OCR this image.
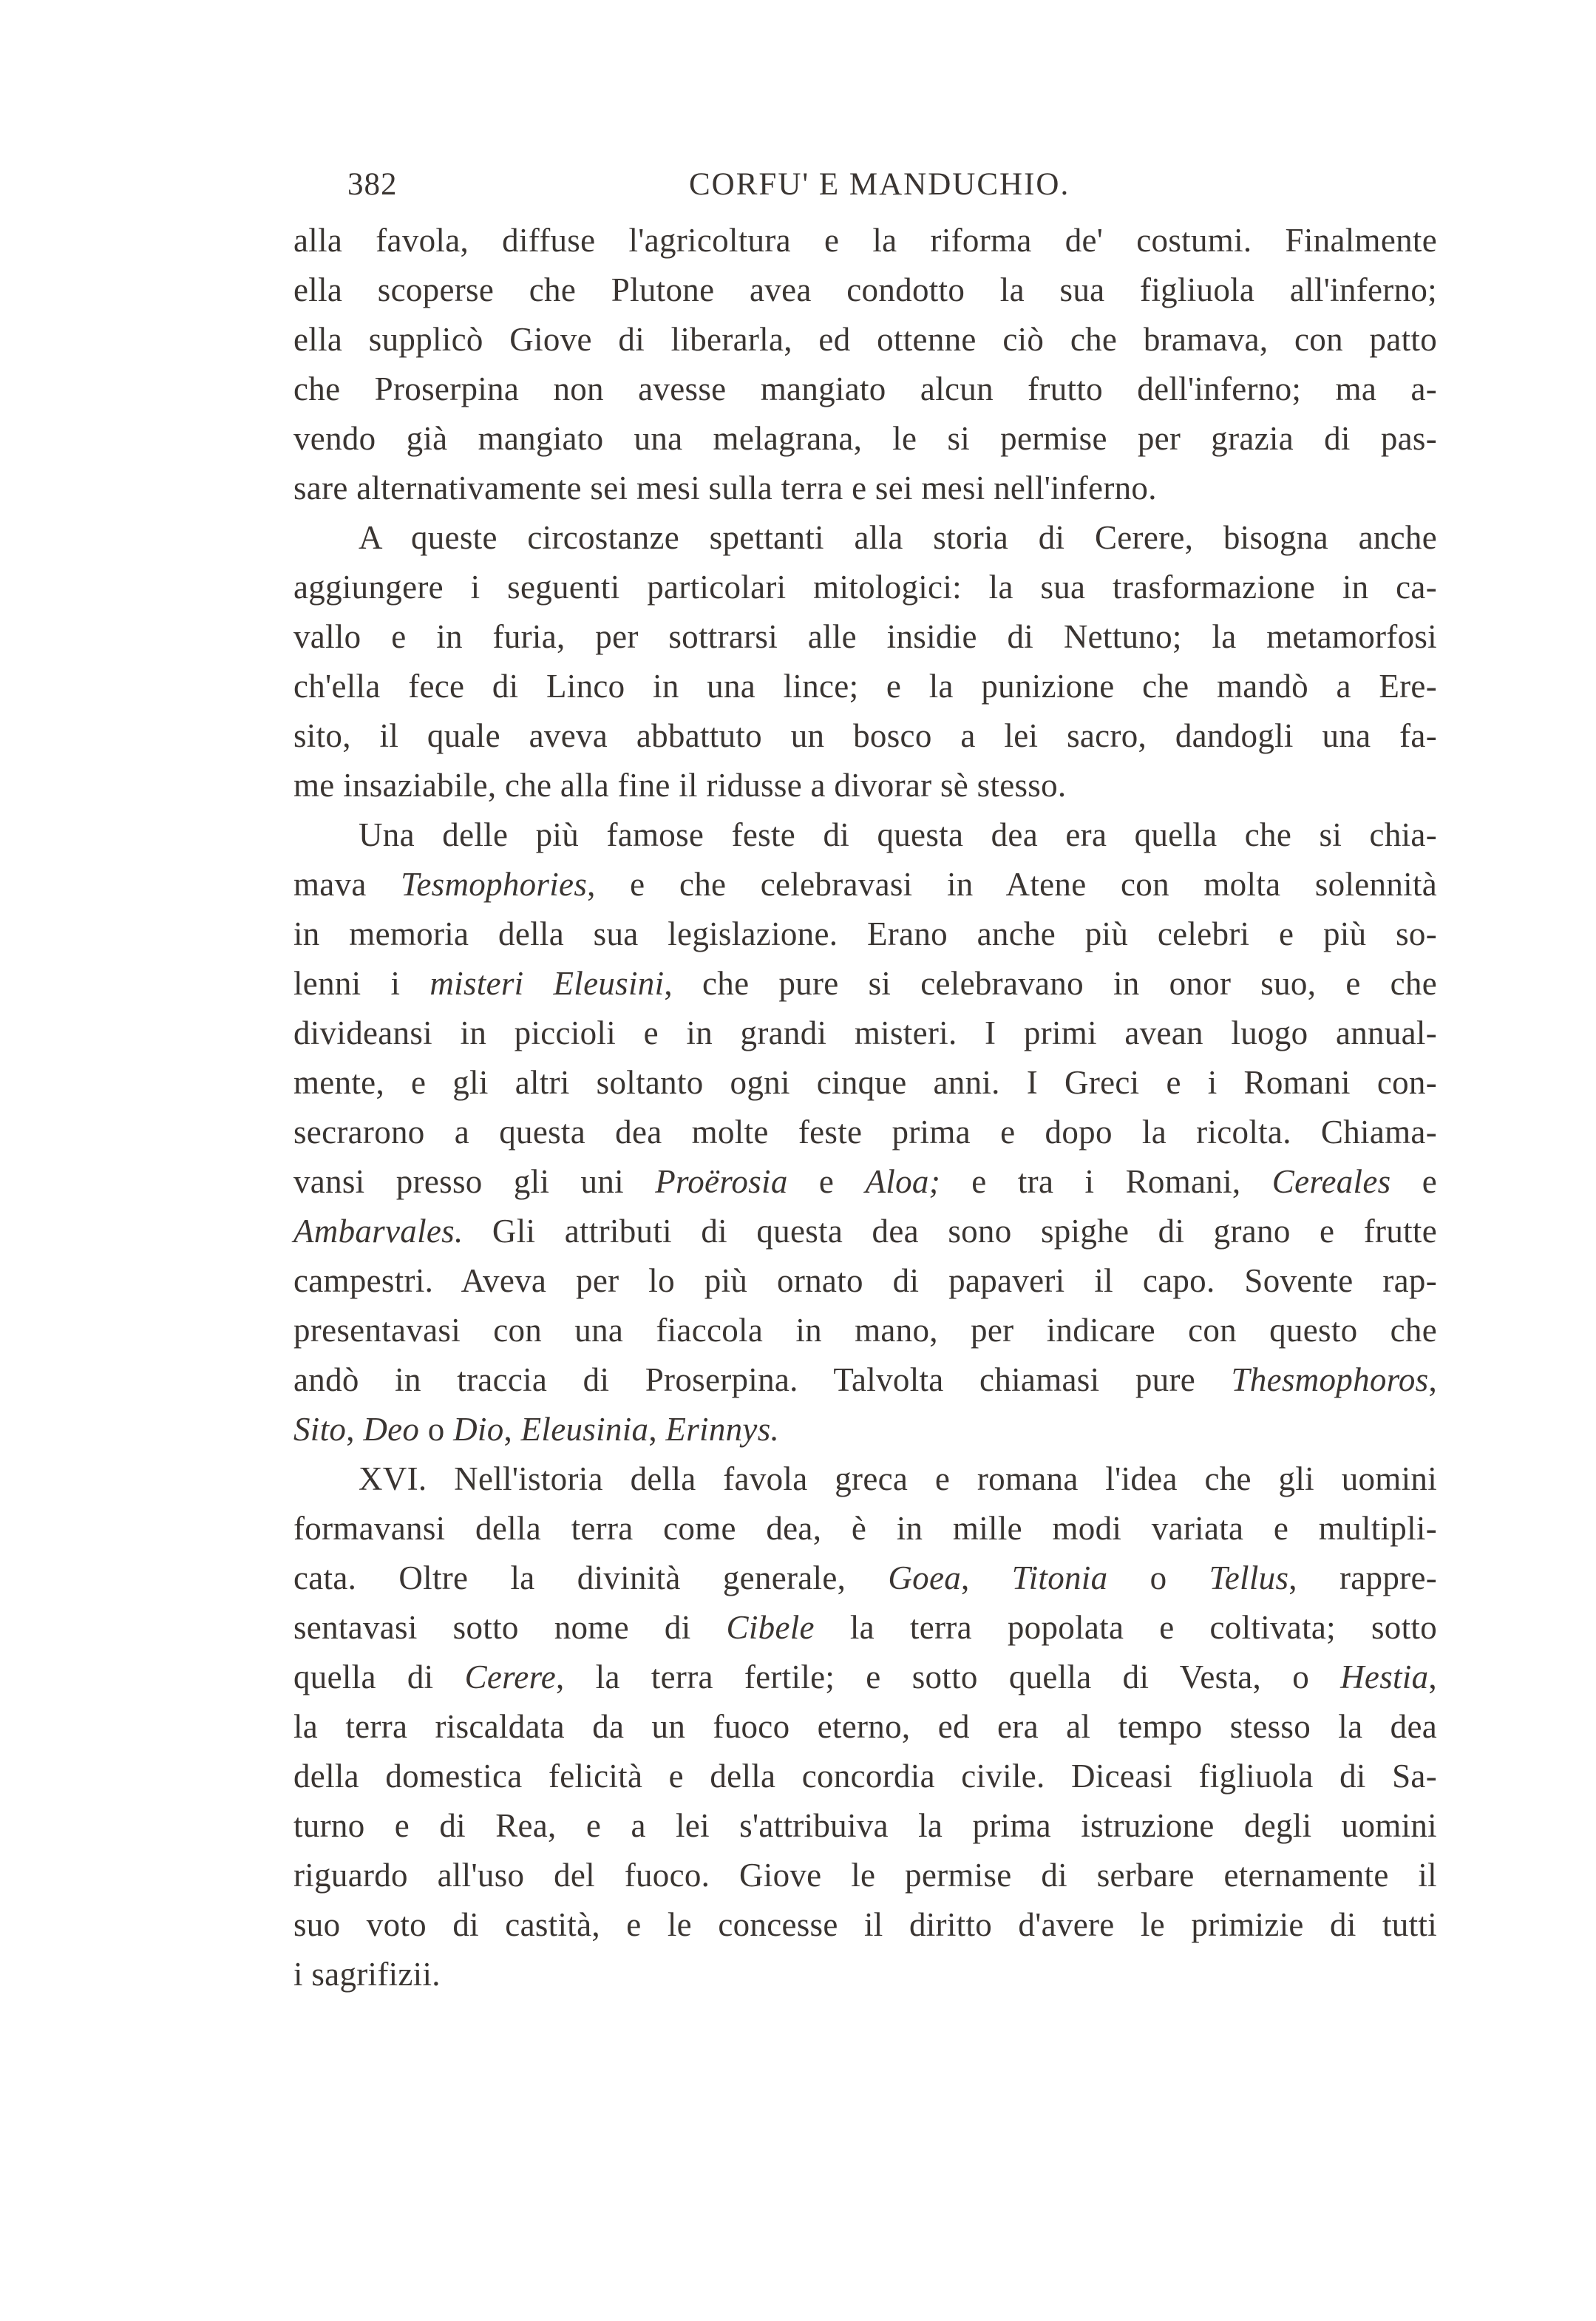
382	CORFU' E MANDUCHIO.
alla favola, diffuse l'agricoltura e la riforma de' costumi. Finalmente
ella scoperse che Plutone avea condotto la sua figliuola all'inferno;
ella supplicò Giove di liberarla, ed ottenne ciò che bramava, con patto
che Proserpina non avesse mangiato alcun frutto dell'inferno; ma a-
vendo già mangiato una melagrana, le si permise per grazia di pas-
sare alternativamente sei mesi sulla terra e sei mesi nell'inferno.
A queste circostanze spettanti alla storia di Cerere, bisogna anche
aggiungere i seguenti particolari mitologici: la sua trasformazione in ca-
vallo e in furia, per sottrarsi alle insidie di Nettuno; la metamorfosi
ch'ella fece di Linco in una lince; e la punizione che mandò a Ere-
sito, il quale aveva abbattuto un bosco a lei sacro, dandogli una fa-
me insaziabile, che alla fine il ridusse a divorar sè stesso.
Una delle più famose feste di questa dea era quella che si chia-
mava Tesmophories, e che celebravasi in Atene con molta solennità
in memoria della sua legislazione. Erano anche più celebri e più so-
lenni i misteri Eleusini, che pure si celebravano in onor suo, e che
divideansi in piccioli e in grandi misteri. I primi avean luogo annual-
mente, e gli altri soltanto ogni cinque anni. I Greci e i Romani con-
secrarono a questa dea molte feste prima e dopo la ricolta. Chiama-
vansi presso gli uni Proërosia e Aloa; e tra i Romani, Cereales e
Ambarvales. Gli attributi di questa dea sono spighe di grano e frutte
campestri. Aveva per lo più ornato di papaveri il capo. Sovente rap-
presentavasi con una fiaccola in mano, per indicare con questo che
andò in traccia di Proserpina. Talvolta chiamasi pure Thesmophoros,
Sito, Deo o Dio, Eleusinia, Erinnys.
XVI. Nell'istoria della favola greca e romana l'idea che gli uomini
formavansi della terra come dea, è in mille modi variata e multipli-
cata. Oltre la divinità generale, Goea, Titonia o Tellus, rappre-
sentavasi sotto nome di Cibele la terra popolata e coltivata; sotto
quella di Cerere, la terra fertile; e sotto quella di Vesta, o Hestia,
la terra riscaldata da un fuoco eterno, ed era al tempo stesso la dea
della domestica felicità e della concordia civile. Diceasi figliuola di Sa-
turno e di Rea, e a lei s'attribuiva la prima istruzione degli uomini
riguardo all'uso del fuoco. Giove le permise di serbare eternamente il
suo voto di castità, e le concesse il diritto d'avere le primizie di tutti
i sagrifizii.
